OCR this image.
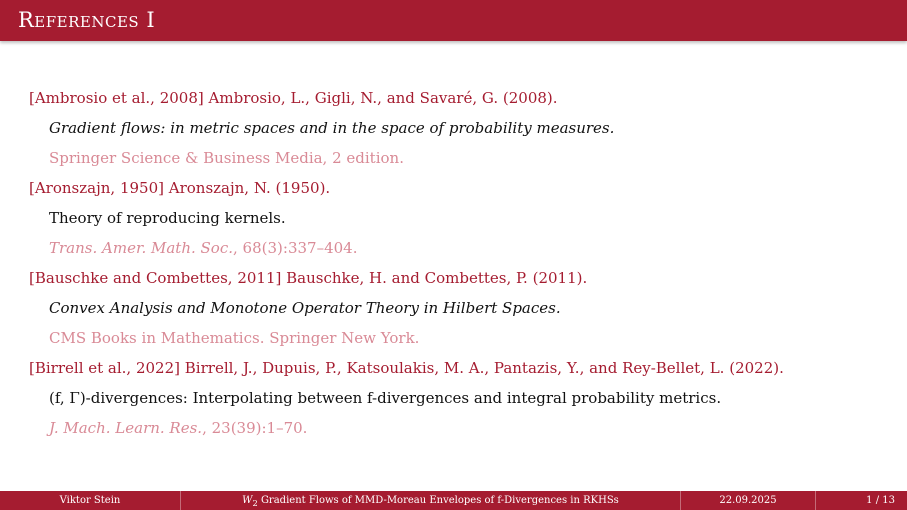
References I
[Ambrosio et al., 2008] Ambrosio, L., Gigli, N., and Savaré, G. (2008).
Gradient flows: in metric spaces and in the space of probability measures.
Springer Science & Business Media, 2 edition.
[Aronszajn, 1950] Aronszajn, N. (1950).
Theory of reproducing kernels.
Trans. Amer. Math. Soc., 68(3):337–404.
[Bauschke and Combettes, 2011] Bauschke, H. and Combettes, P. (2011).
Convex Analysis and Monotone Operator Theory in Hilbert Spaces.
CMS Books in Mathematics. Springer New York.
[Birrell et al., 2022] Birrell, J., Dupuis, P., Katsoulakis, M. A., Pantazis, Y., and Rey-Bellet, L. (2022).
(f, Γ)-divergences: Interpolating between f-divergences and integral probability metrics.
J. Mach. Learn. Res., 23(39):1–70.
Viktor Stein	$W_2$ Gradient Flows of MMD-Moreau Envelopes of f-Divergences in RKHSs	22.09.2025	1 / 13
